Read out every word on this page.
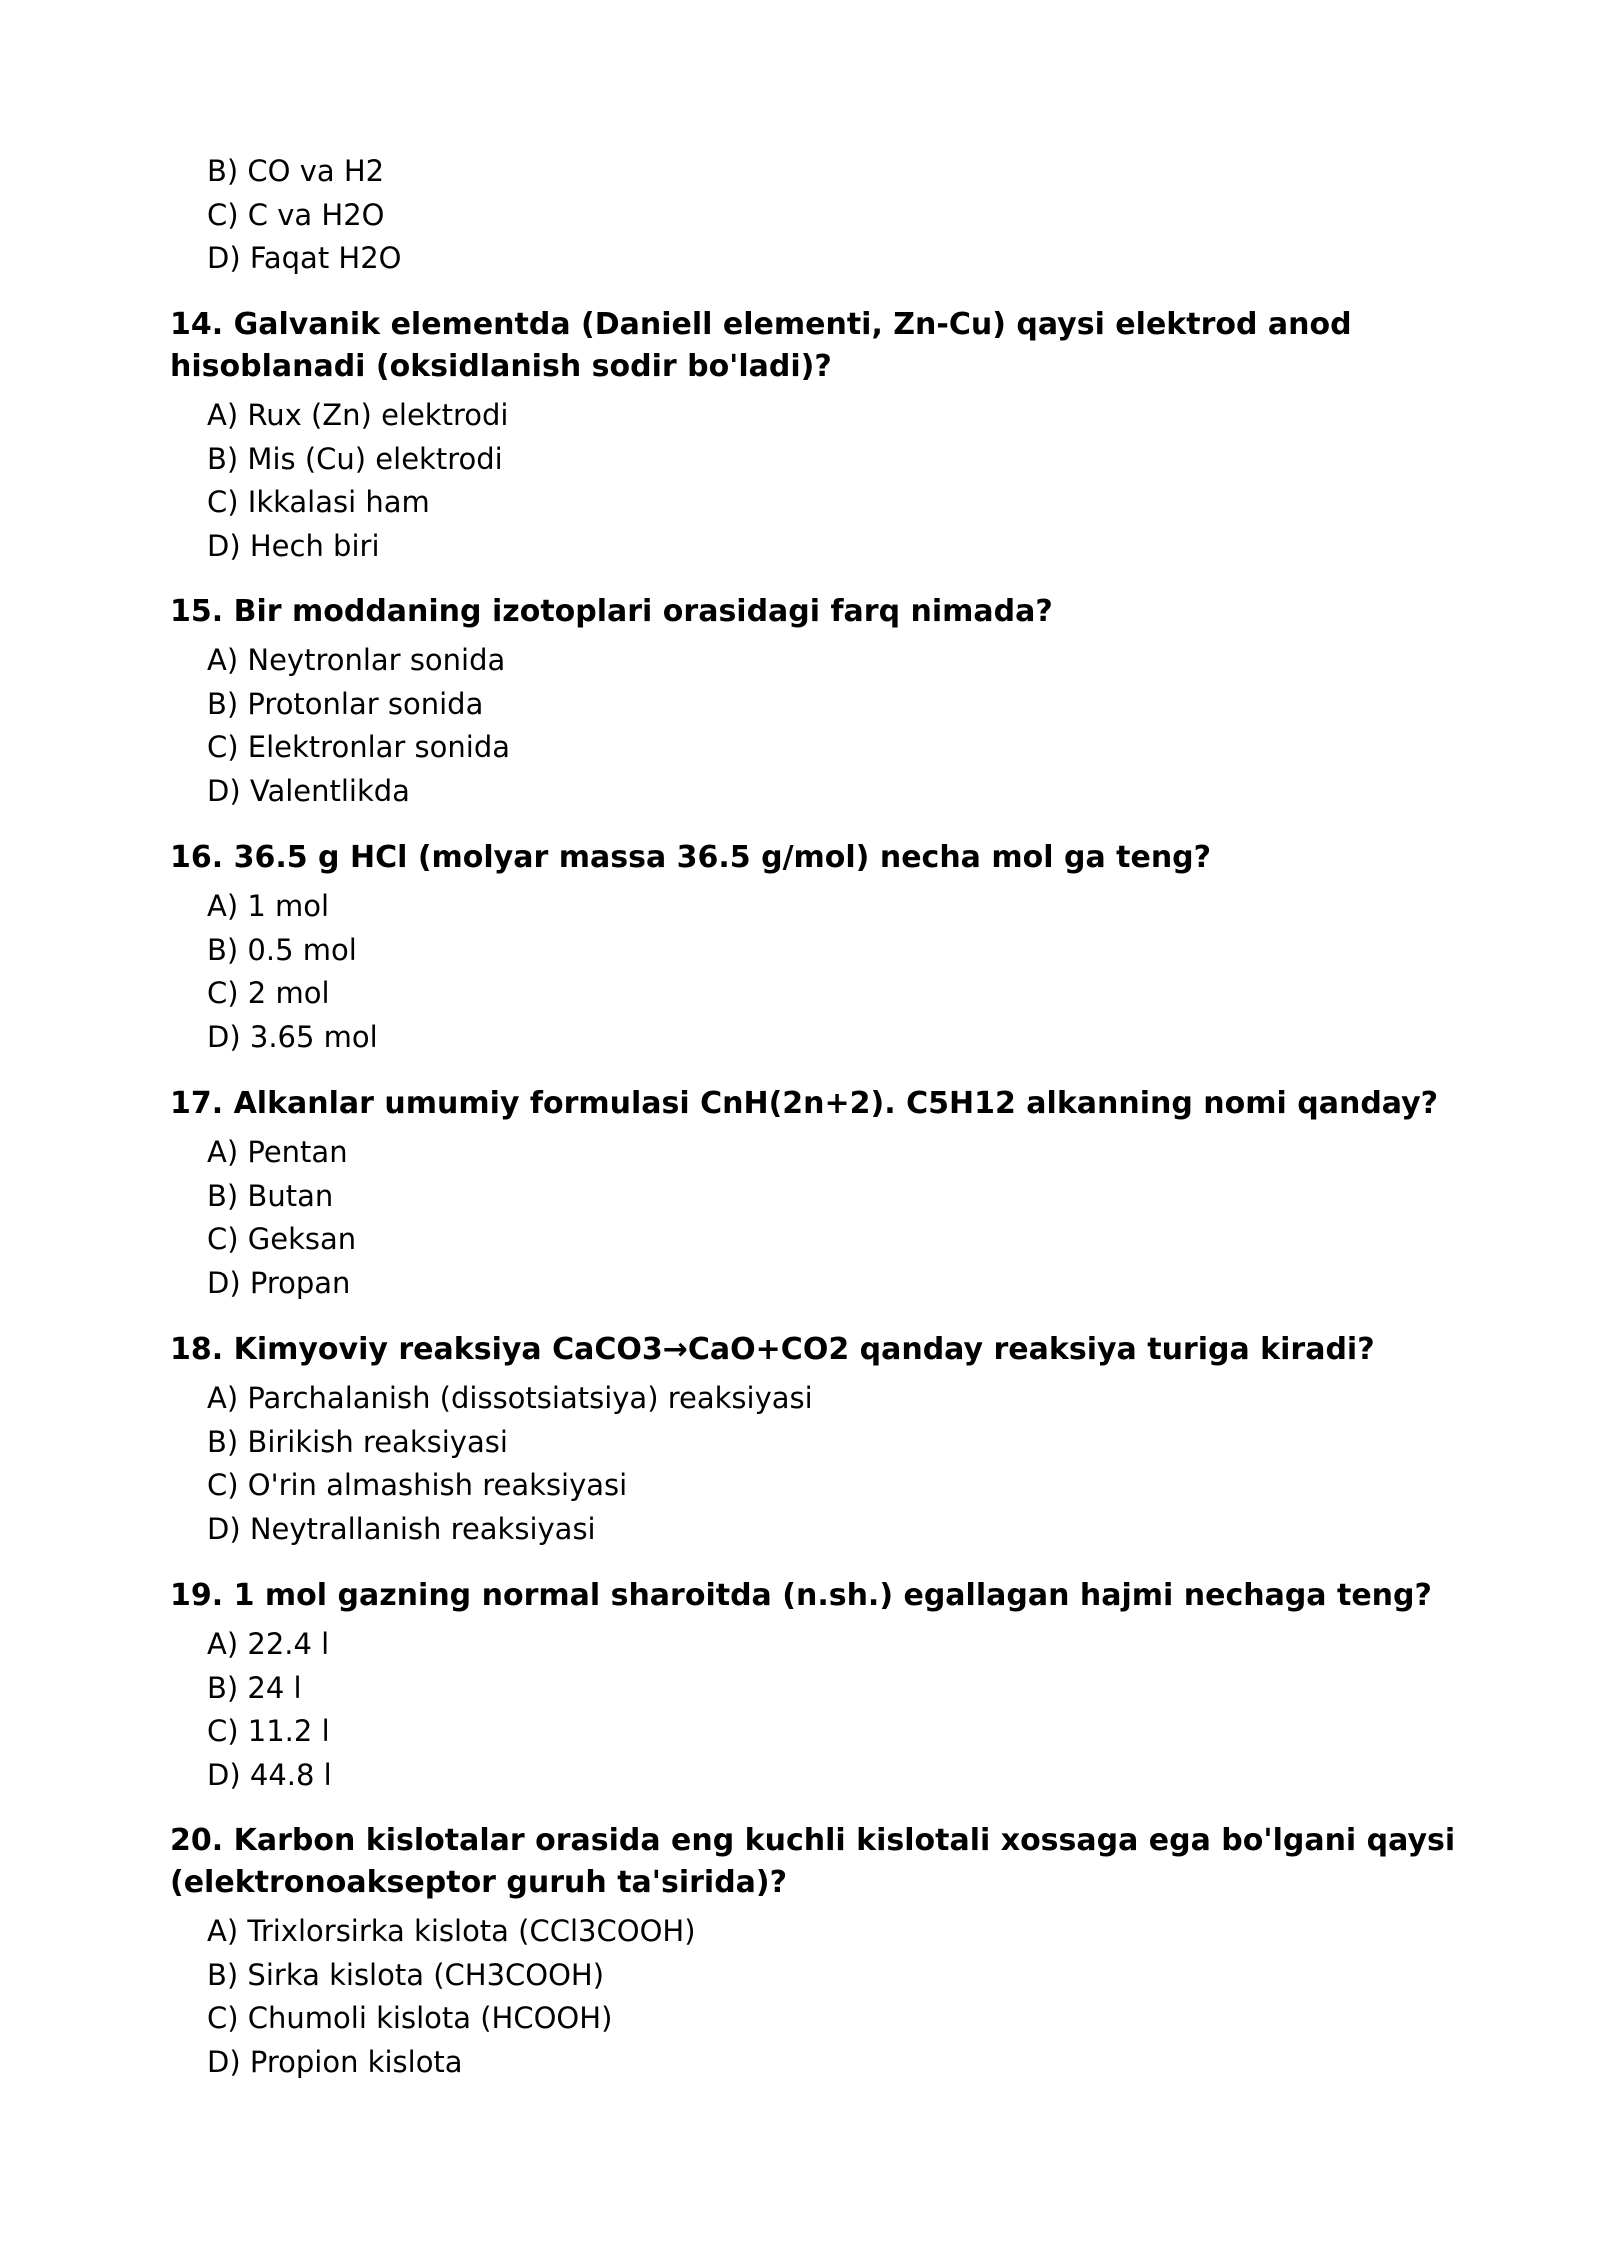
B) CO va H2
C) C va H2O
D) Faqat H2O

14. Galvanik elementda (Daniell elementi, Zn-Cu) qaysi elektrod anod hisoblanadi (oksidlanish sodir bo'ladi)?

A) Rux (Zn) elektrodi
B) Mis (Cu) elektrodi
C) Ikkalasi ham
D) Hech biri

15. Bir moddaning izotoplari orasidagi farq nimada?

A) Neytronlar sonida
B) Protonlar sonida
C) Elektronlar sonida
D) Valentlikda

16. 36.5 g HCl (molyar massa 36.5 g/mol) necha mol ga teng?

A) 1 mol
B) 0.5 mol
C) 2 mol
D) 3.65 mol

17. Alkanlar umumiy formulasi CnH(2n+2). C5H12 alkanning nomi qanday?

A) Pentan
B) Butan
C) Geksan
D) Propan

18. Kimyoviy reaksiya CaCO3→CaO+CO2 qanday reaksiya turiga kiradi?

A) Parchalanish (dissotsiatsiya) reaksiyasi
B) Birikish reaksiyasi
C) O'rin almashish reaksiyasi
D) Neytrallanish reaksiyasi

19. 1 mol gazning normal sharoitda (n.sh.) egallagan hajmi nechaga teng?

A) 22.4 l
B) 24 l
C) 11.2 l
D) 44.8 l

20. Karbon kislotalar orasida eng kuchli kislotali xossaga ega bo'lgani qaysi (elektronoakseptor guruh ta'sirida)?

A) Trixlorsirka kislota (CCl3COOH)
B) Sirka kislota (CH3COOH)
C) Chumoli kislota (HCOOH)
D) Propion kislota
